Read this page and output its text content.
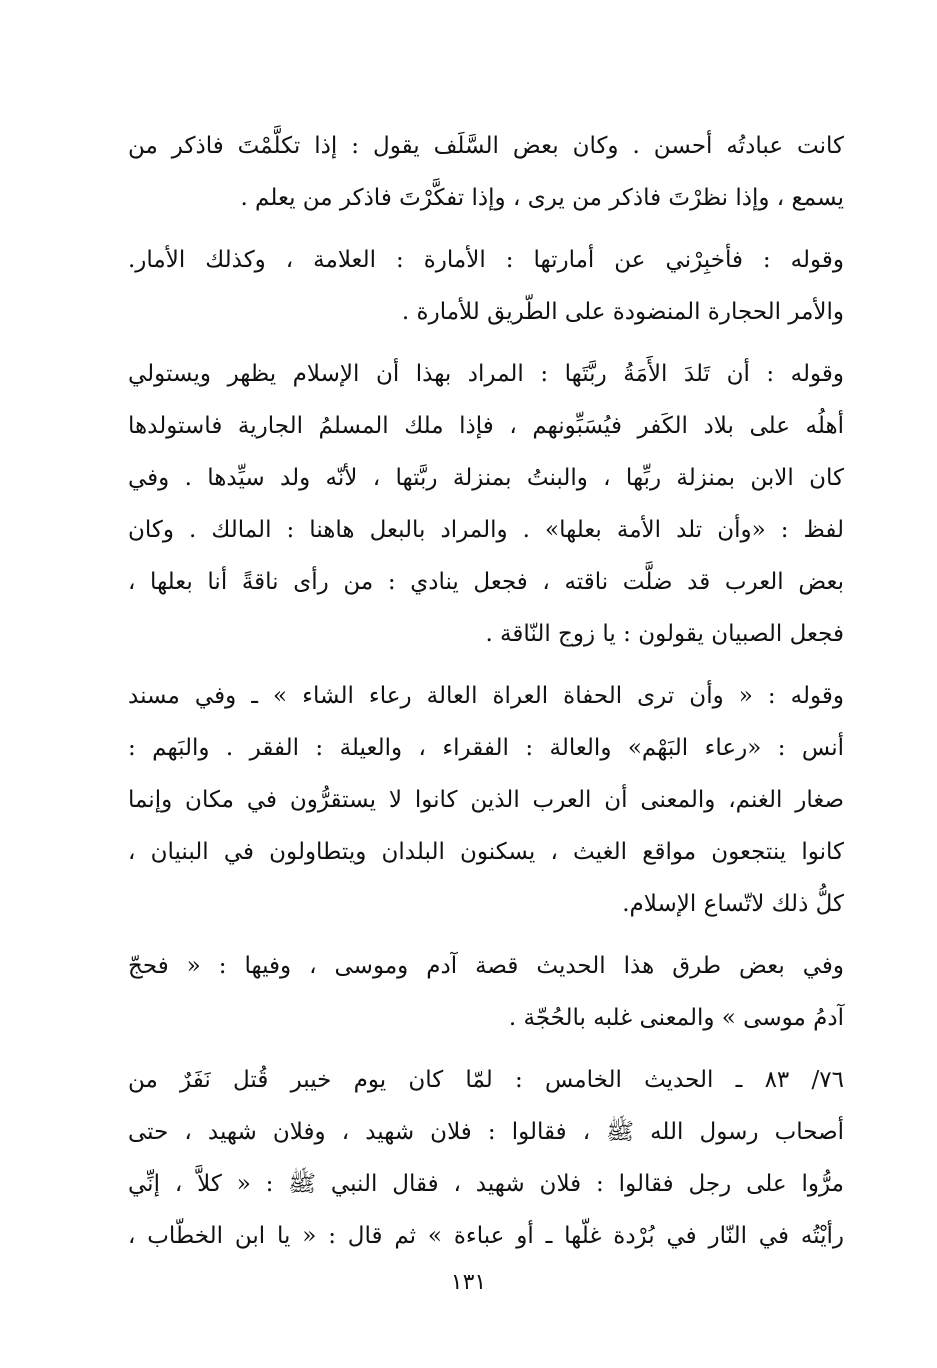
كانت عبادتُه أحسن . وكان بعض السَّلَف يقول : إذا تكلَّمْتَ فاذكر من
يسمع ، وإذا نظرْتَ فاذكر من يرى ، وإذا تفكَّرْتَ فاذكر من يعلم .
وقوله : فأخبِرْني عن أمارتها : الأمارة : العلامة ، وكذلك الأمار.
والأمر الحجارة المنضودة على الطّريق للأمارة .
وقوله : أن تَلدَ الأَمَةُ ربَّتَها : المراد بهذا أن الإسلام يظهر ويستولي
أهلُه على بلاد الكَفر فيُسَبِّونهم ، فإذا ملك المسلمُ الجارية فاستولدها
كان الابن بمنزلة ربِّها ، والبنتُ بمنزلة ربَّتها ، لأنّه ولد سيِّدها . وفي
لفظ : «وأن تلد الأمة بعلها» . والمراد بالبعل هاهنا : المالك . وكان
بعض العرب قد ضلَّت ناقته ، فجعل ينادي : من رأى ناقةً أنا بعلها ،
فجعل الصبيان يقولون : يا زوج النّاقة .
وقوله : « وأن ترى الحفاة العراة العالة رعاء الشاء » ـ وفي مسند
أنس : «رعاء البَهْم» والعالة : الفقراء ، والعيلة : الفقر . والبَهم :
صغار الغنم، والمعنى أن العرب الذين كانوا لا يستقرُّون في مكان وإنما
كانوا ينتجعون مواقع الغيث ، يسكنون البلدان ويتطاولون في البنيان ،
كلُّ ذلك لاتّساع الإسلام.
وفي بعض طرق هذا الحديث قصة آدم وموسى ، وفيها : « فحجّ
آدمُ موسى » والمعنى غلبه بالحُجّة .
٧٦/ ٨٣ ـ الحديث الخامس : لمّا كان يوم خيبر قُتل نَفَرٌ من
أصحاب رسول الله ﷺ ، فقالوا : فلان شهيد ، وفلان شهيد ، حتى
مرُّوا على رجل فقالوا : فلان شهيد ، فقال النبي ﷺ : « كلاَّ ، إنِّي
رأيْتُه في النّار في بُرْدة غلّها ـ أو عباءة » ثم قال : « يا ابن الخطّاب ،
١٣١
